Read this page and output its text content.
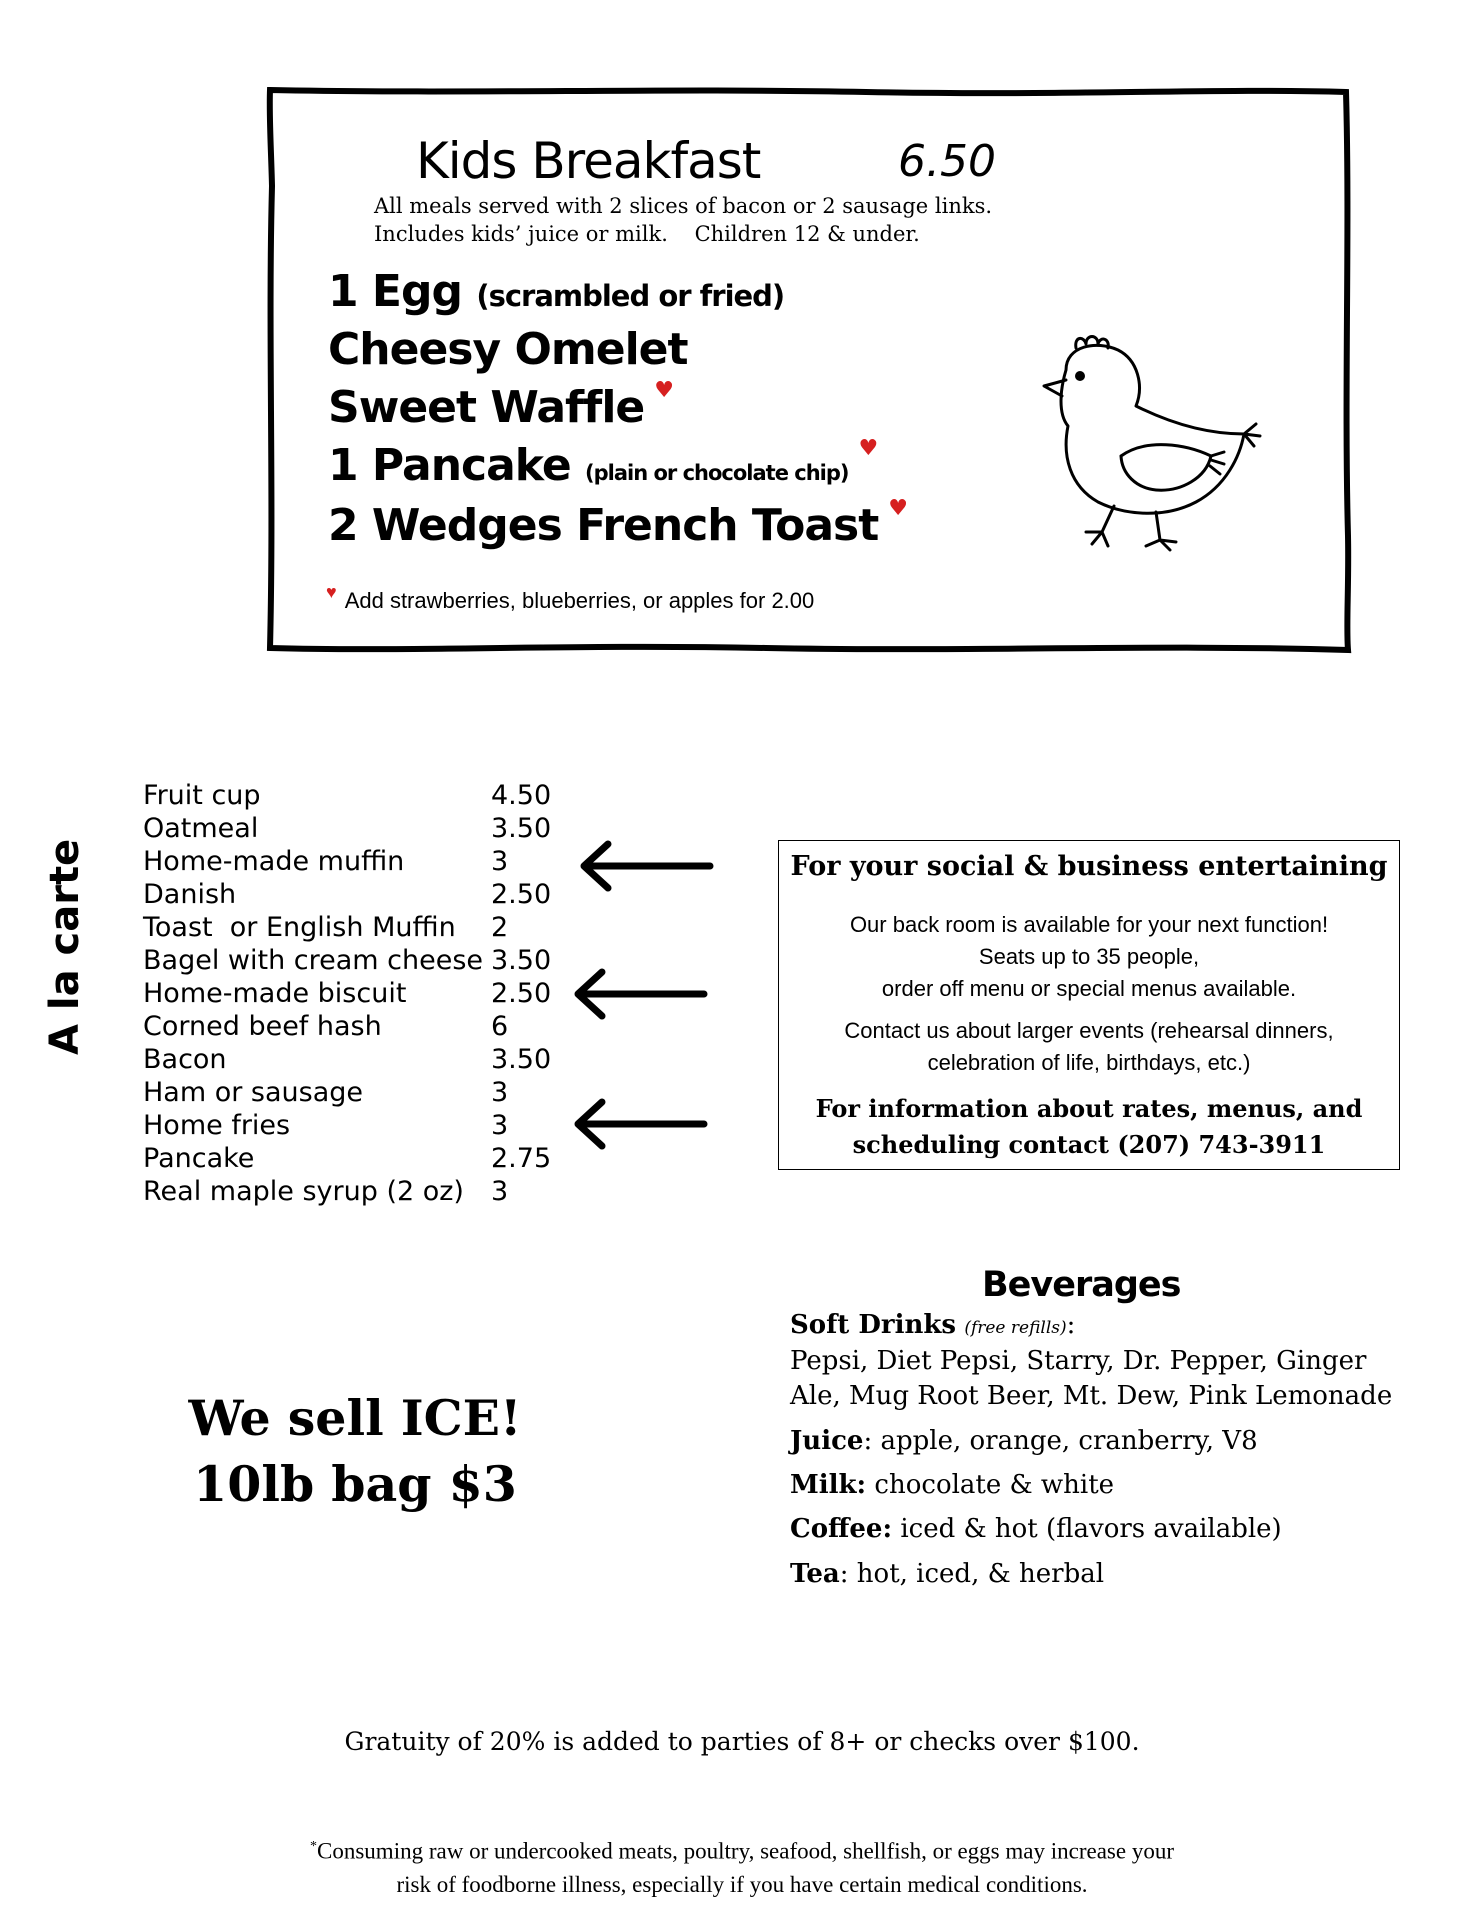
Kids Breakfast	6.50
All meals served with 2 slices of bacon or 2 sausage links.
Includes kids’ juice or milk.    Children 12 & under.
1 Egg (scrambled or fried)
Cheesy Omelet
Sweet Waffle ♥
1 Pancake (plain or chocolate chip)♥
2 Wedges French Toast ♥
♥ Add strawberries, blueberries, or apples for 2.00
A la carte
Fruit cup	4.50
Oatmeal	3.50
Home-made muffin	3
Danish	2.50
Toast  or English Muffin 2
Bagel with cream cheese 3.50
Home-made biscuit	2.50
Corned beef hash	6
Bacon	3.50
Ham or sausage	3
Home fries	3
Pancake	2.75
Real maple syrup (2 oz) 3
For your social & business entertaining
Our back room is available for your next function!
Seats up to 35 people,
order off menu or special menus available.
Contact us about larger events (rehearsal dinners,
celebration of life, birthdays, etc.)
For information about rates, menus, and
scheduling contact (207) 743-3911
Beverages
Soft Drinks (free refills):
Pepsi, Diet Pepsi, Starry, Dr. Pepper, Ginger
Ale, Mug Root Beer, Mt. Dew, Pink Lemonade
Juice: apple, orange, cranberry, V8
Milk: chocolate & white
Coffee: iced & hot (flavors available)
Tea: hot, iced, & herbal
We sell ICE!
10lb bag $3
Gratuity of 20% is added to parties of 8+ or checks over $100.
*Consuming raw or undercooked meats, poultry, seafood, shellfish, or eggs may increase your
risk of foodborne illness, especially if you have certain medical conditions.
